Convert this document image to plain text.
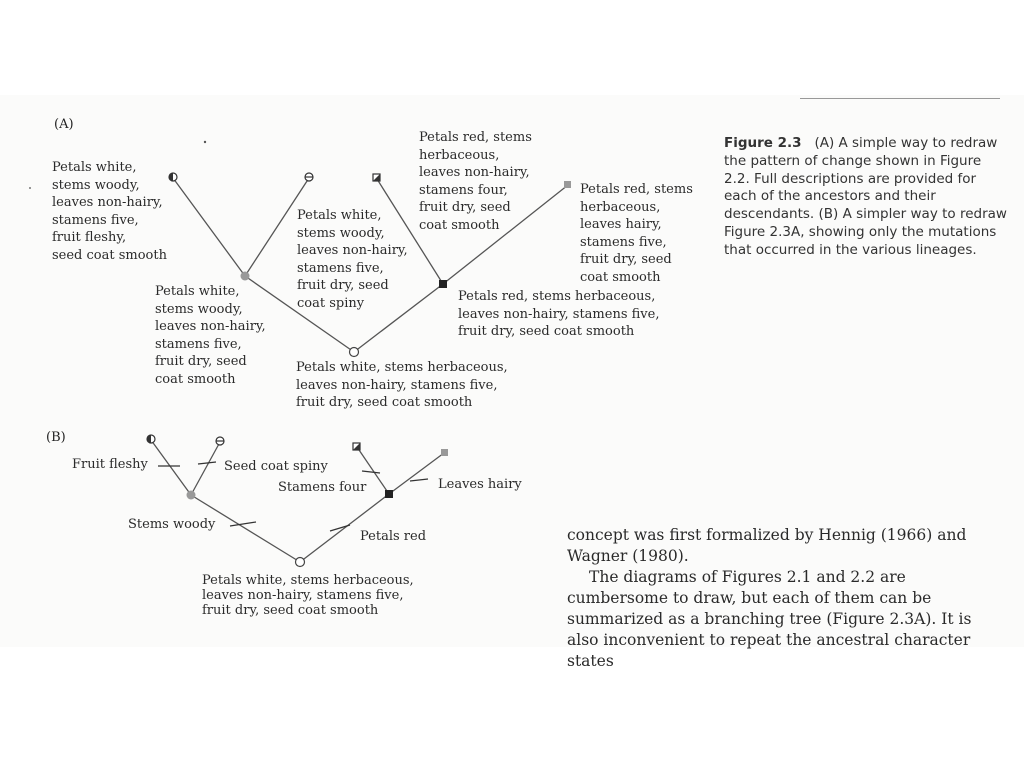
(A)
Petals white,
stems woody,
leaves non-hairy,
stamens five,
fruit fleshy,
seed coat smooth
Petals white,
stems woody,
leaves non-hairy,
stamens five,
fruit dry, seed
coat spiny
Petals red, stems
herbaceous,
leaves non-hairy,
stamens four,
fruit dry, seed
coat smooth
Petals red, stems
herbaceous,
leaves hairy,
stamens five,
fruit dry, seed
coat smooth
Petals white,
stems woody,
leaves non-hairy,
stamens five,
fruit dry, seed
coat smooth
Petals red, stems herbaceous,
leaves non-hairy, stamens five,
fruit dry, seed coat smooth
Petals white, stems herbaceous,
leaves non-hairy, stamens five,
fruit dry, seed coat smooth
(B)
Fruit fleshy	Seed coat spiny
Stamens four	Leaves hairy
Stems woody
Petals red
Petals white, stems herbaceous,
leaves non-hairy, stamens five,
fruit dry, seed coat smooth
Figure 2.3 (A) A simple way to redraw the pattern of change shown in Figure 2.2. Full descriptions are provided for each of the ancestors and their descendants. (B) A simpler way to redraw Figure 2.3A, showing only the mutations that occurred in the various lineages.

concept was first formalized by Hennig (1966) and Wagner (1980).

The diagrams of Figures 2.1 and 2.2 are cumbersome to draw, but each of them can be summarized as a branching tree (Figure 2.3A). It is also inconvenient to repeat the ancestral character states
